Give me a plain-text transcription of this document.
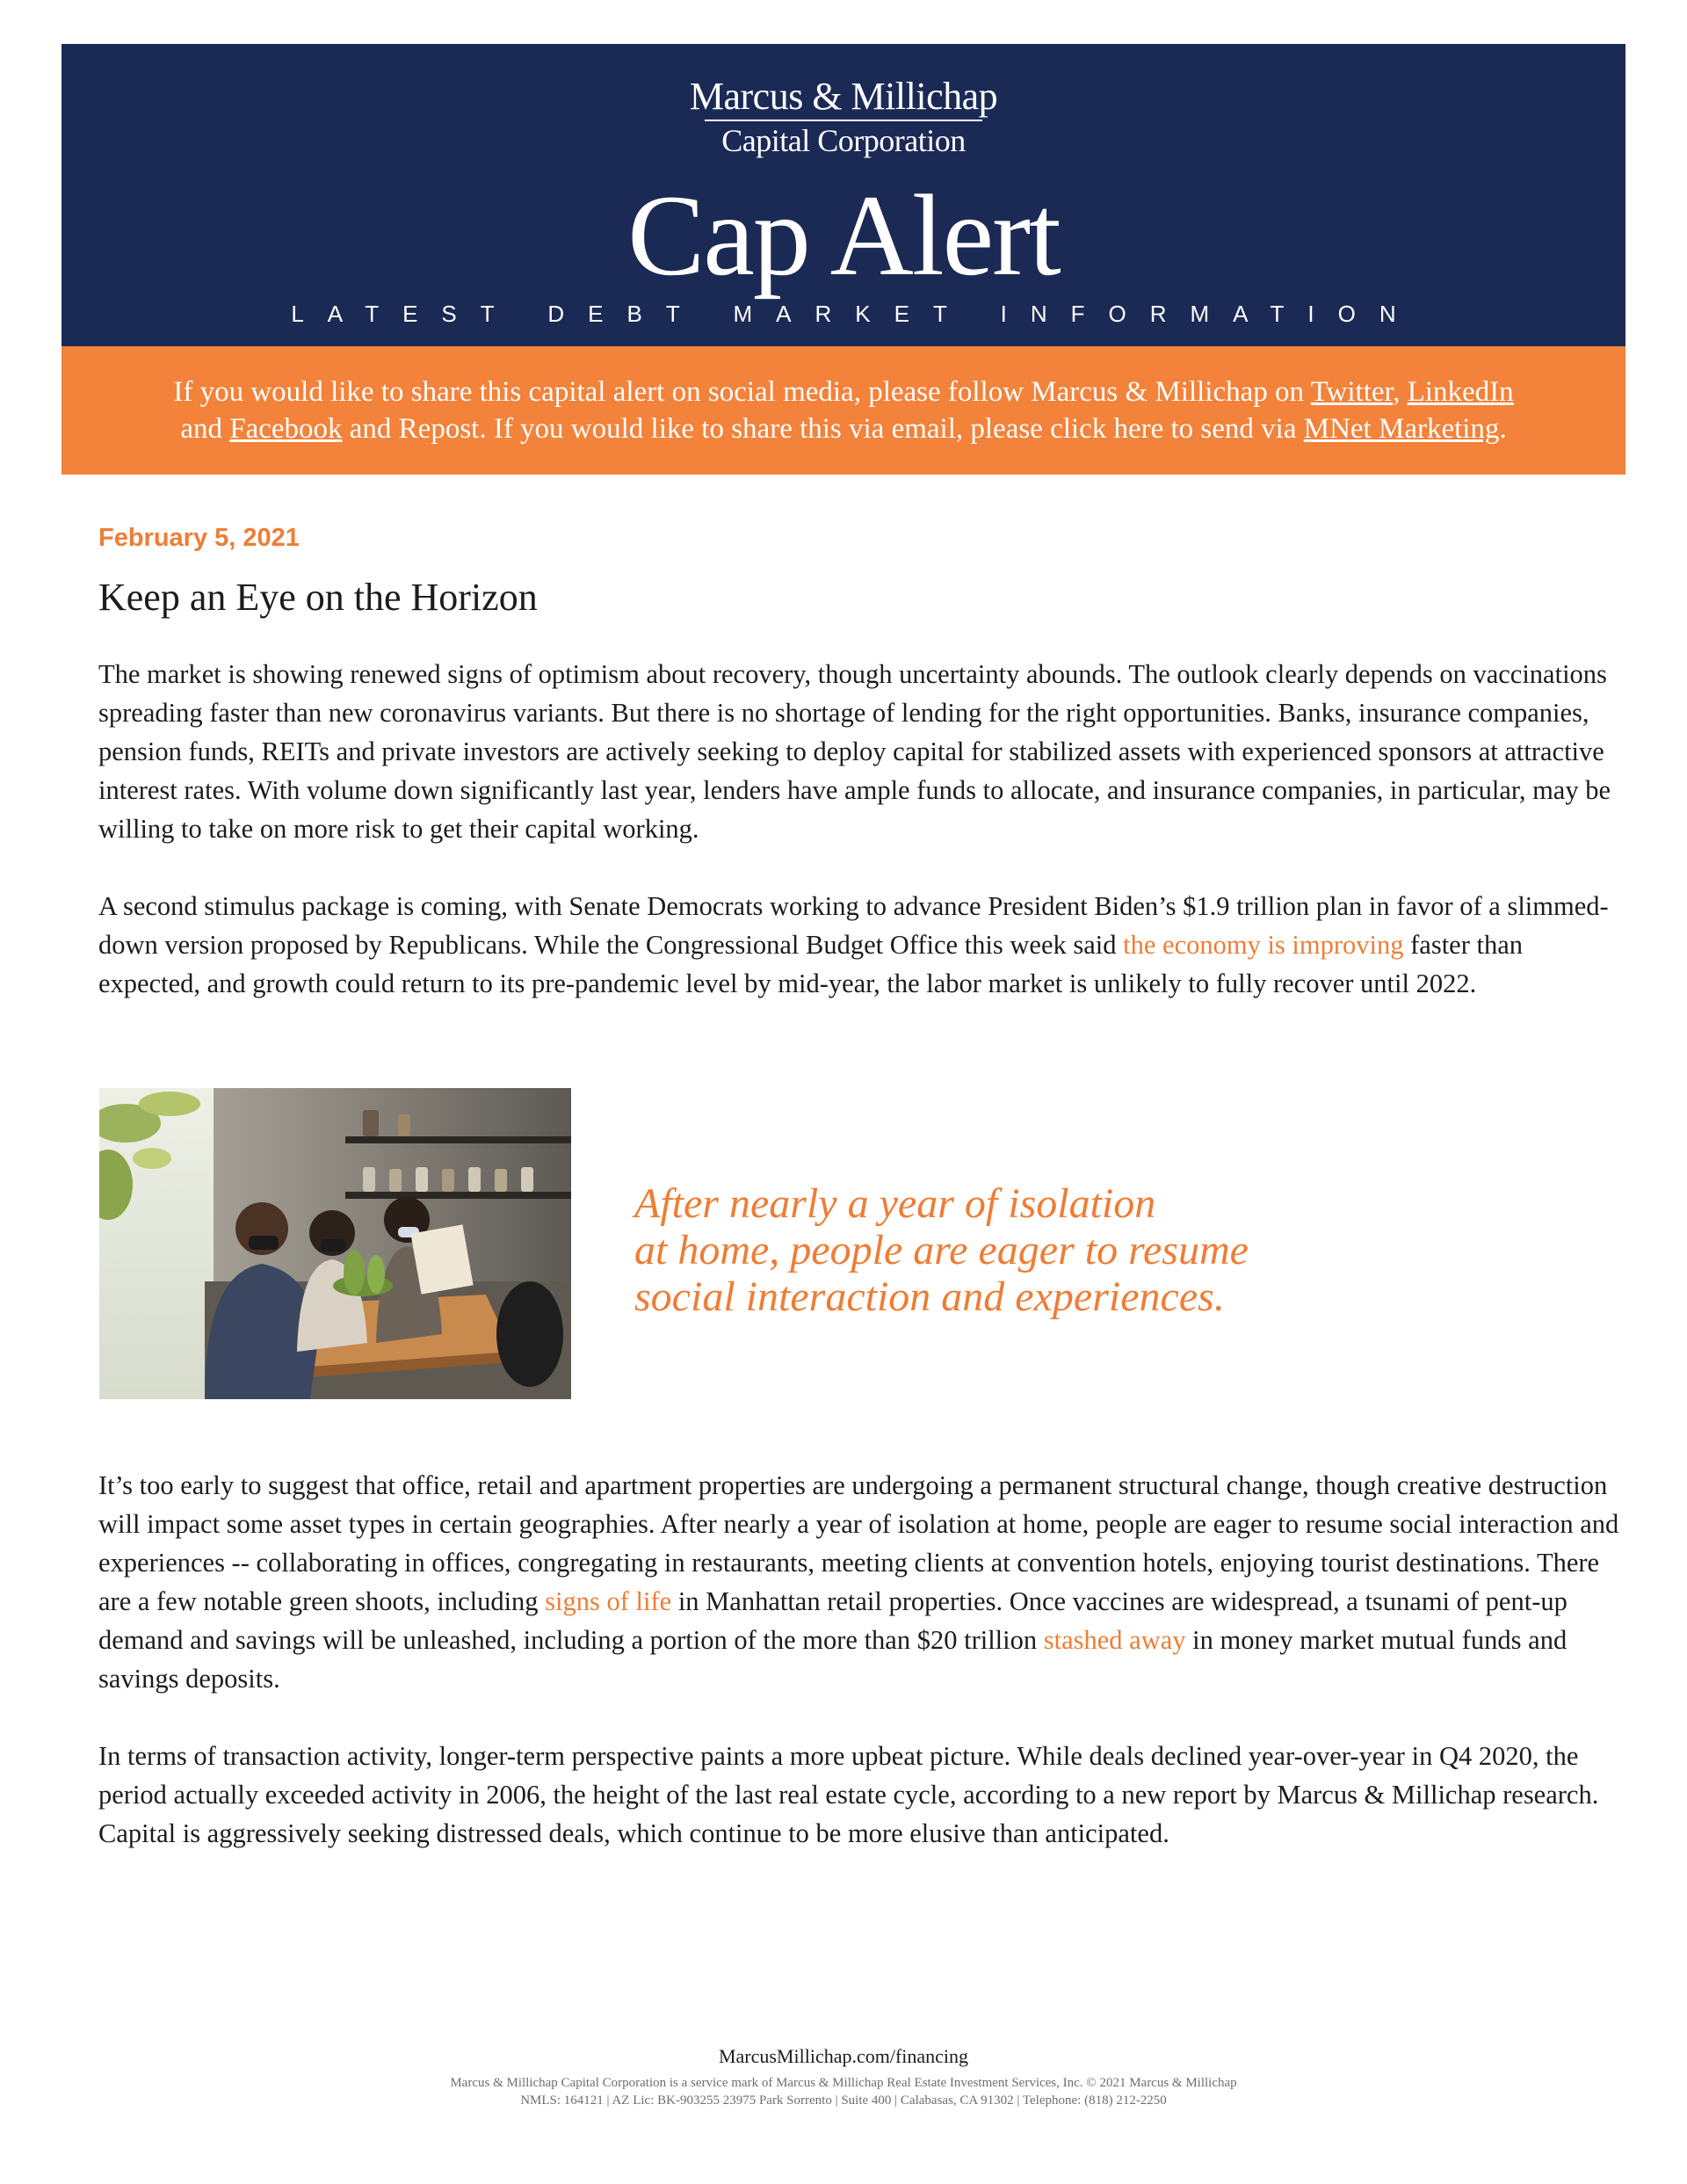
Marcus & Millichap
Capital Corporation
Cap Alert
LATEST DEBT MARKET INFORMATION
If you would like to share this capital alert on social media, please follow Marcus & Millichap on Twitter, LinkedIn
and Facebook and Repost. If you would like to share this via email, please click here to send via MNet Marketing.
February 5, 2021
Keep an Eye on the Horizon

The market is showing renewed signs of optimism about recovery, though uncertainty abounds. The outlook clearly depends on vaccinations spreading faster than new coronavirus variants. But there is no shortage of lending for the right opportunities. Banks, insurance companies, pension funds, REITs and private investors are actively seeking to deploy capital for stabilized assets with experienced sponsors at attractive interest rates. With volume down significantly last year, lenders have ample funds to allocate, and insurance companies, in particular, may be willing to take on more risk to get their capital working.

A second stimulus package is coming, with Senate Democrats working to advance President Biden’s $1.9 trillion plan in favor of a slimmed-down version proposed by Republicans. While the Congressional Budget Office this week said the economy is improving faster than expected, and growth could return to its pre-pandemic level by mid-year, the labor market is unlikely to fully recover until 2022.

After nearly a year of isolation
at home, people are eager to resume
social interaction and experiences.

It’s too early to suggest that office, retail and apartment properties are undergoing a permanent structural change, though creative destruction will impact some asset types in certain geographies. After nearly a year of isolation at home, people are eager to resume social interaction and experiences -- collaborating in offices, congregating in restaurants, meeting clients at convention hotels, enjoying tourist destinations. There are a few notable green shoots, including signs of life in Manhattan retail properties. Once vaccines are widespread, a tsunami of pent-up demand and savings will be unleashed, including a portion of the more than $20 trillion stashed away in money market mutual funds and savings deposits.

In terms of transaction activity, longer-term perspective paints a more upbeat picture. While deals declined year-over-year in Q4 2020, the period actually exceeded activity in 2006, the height of the last real estate cycle, according to a new report by Marcus & Millichap research. Capital is aggressively seeking distressed deals, which continue to be more elusive than anticipated.

MarcusMillichap.com/financing
Marcus & Millichap Capital Corporation is a service mark of Marcus & Millichap Real Estate Investment Services, Inc. © 2021 Marcus & Millichap
NMLS: 164121 | AZ Lic: BK-903255 23975 Park Sorrento | Suite 400 | Calabasas, CA 91302 | Telephone: (818) 212-2250
